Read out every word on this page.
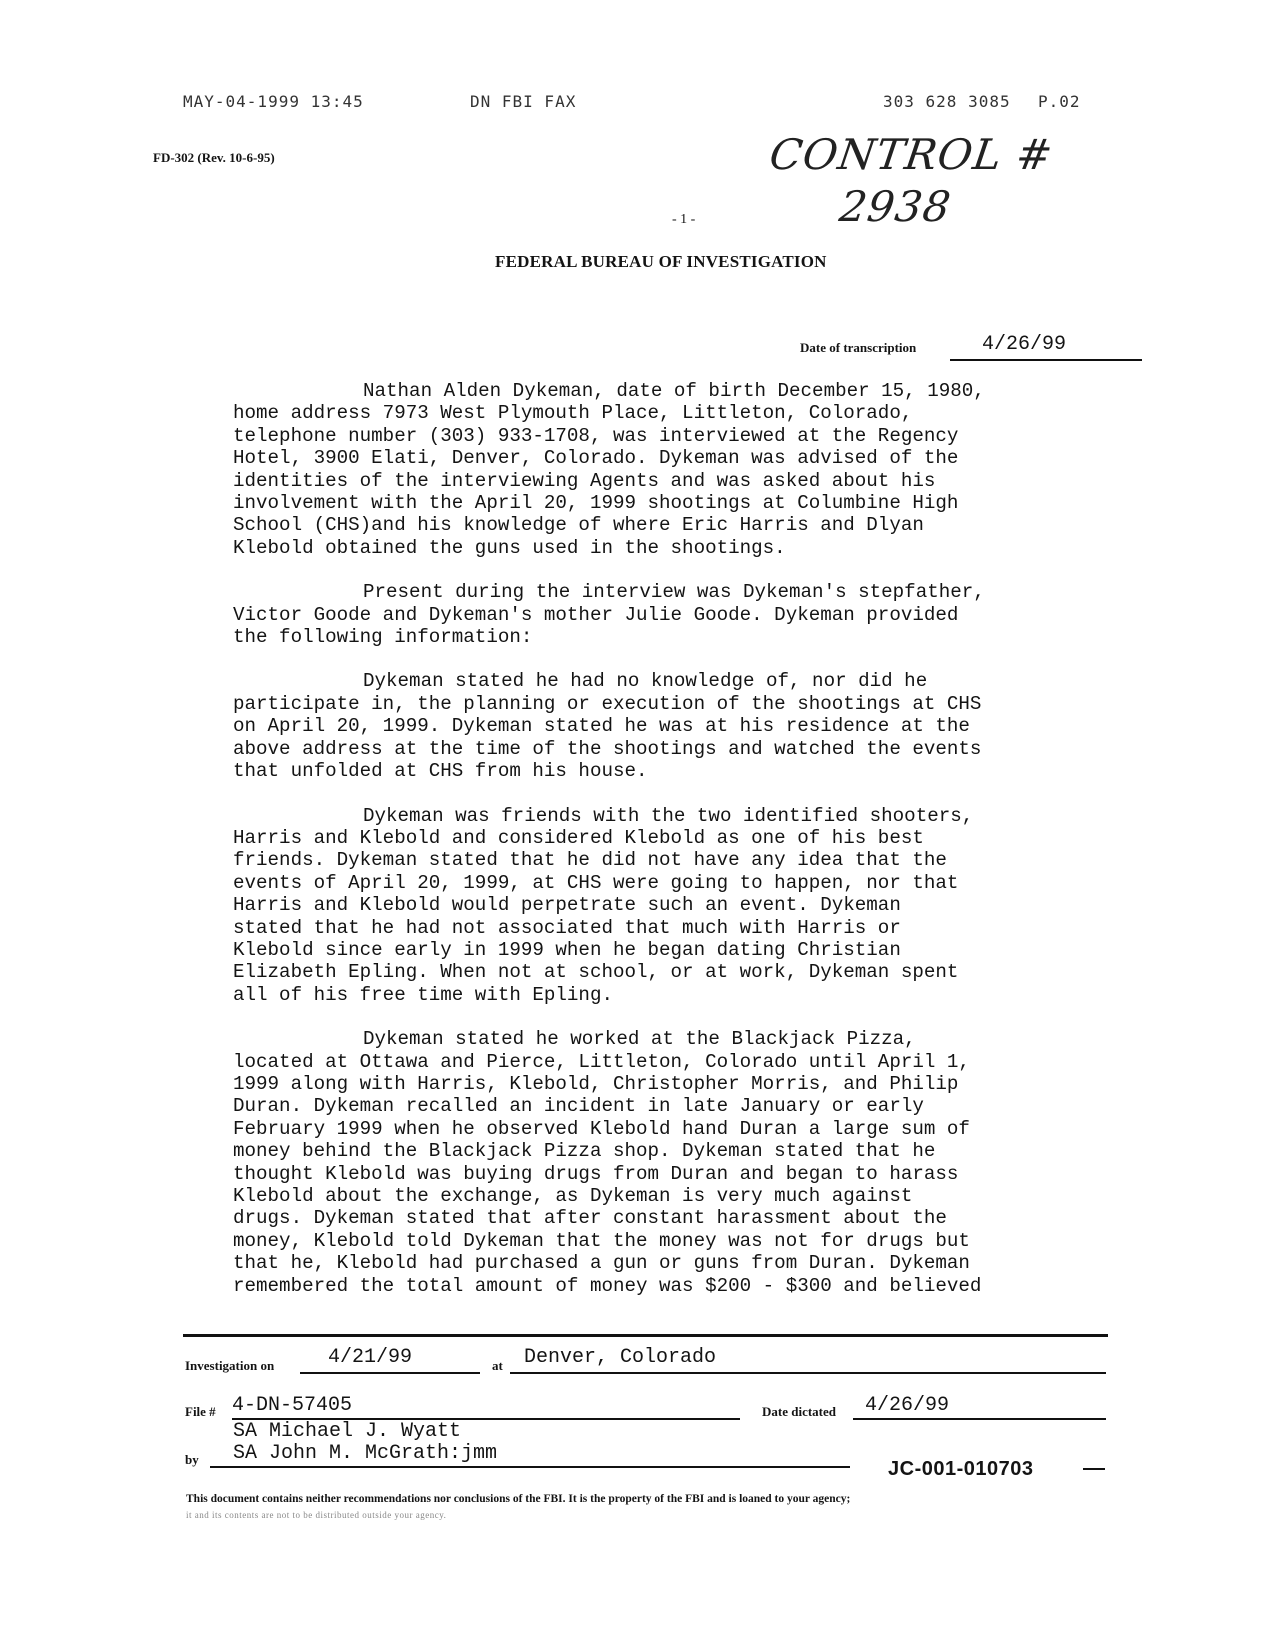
MAY-04-1999 13:45	DN FBI FAX	303 628 3085 P.02
FD-302 (Rev. 10-6-95)	CONTROL #
2938
- 1 -
FEDERAL BUREAU OF INVESTIGATION
Date of transcription	4/26/99

Nathan Alden Dykeman, date of birth December 15, 1980,
home address 7973 West Plymouth Place, Littleton, Colorado,
telephone number (303) 933-1708, was interviewed at the Regency
Hotel, 3900 Elati, Denver, Colorado. Dykeman was advised of the
identities of the interviewing Agents and was asked about his
involvement with the April 20, 1999 shootings at Columbine High
School (CHS)and his knowledge of where Eric Harris and Dlyan
Klebold obtained the guns used in the shootings.

Present during the interview was Dykeman's stepfather,
Victor Goode and Dykeman's mother Julie Goode. Dykeman provided
the following information:

Dykeman stated he had no knowledge of, nor did he
participate in, the planning or execution of the shootings at CHS
on April 20, 1999. Dykeman stated he was at his residence at the
above address at the time of the shootings and watched the events
that unfolded at CHS from his house.

Dykeman was friends with the two identified shooters,
Harris and Klebold and considered Klebold as one of his best
friends. Dykeman stated that he did not have any idea that the
events of April 20, 1999, at CHS were going to happen, nor that
Harris and Klebold would perpetrate such an event. Dykeman
stated that he had not associated that much with Harris or
Klebold since early in 1999 when he began dating Christian
Elizabeth Epling. When not at school, or at work, Dykeman spent
all of his free time with Epling.

Dykeman stated he worked at the Blackjack Pizza,
located at Ottawa and Pierce, Littleton, Colorado until April 1,
1999 along with Harris, Klebold, Christopher Morris, and Philip
Duran. Dykeman recalled an incident in late January or early
February 1999 when he observed Klebold hand Duran a large sum of
money behind the Blackjack Pizza shop. Dykeman stated that he
thought Klebold was buying drugs from Duran and began to harass
Klebold about the exchange, as Dykeman is very much against
drugs. Dykeman stated that after constant harassment about the
money, Klebold told Dykeman that the money was not for drugs but
that he, Klebold had purchased a gun or guns from Duran. Dykeman
remembered the total amount of money was $200 - $300 and believed

Investigation on	4/21/99	at Denver, Colorado
File # 4-DN-57405	Date dictated 4/26/99
SA Michael J. Wyatt
by SA John M. McGrath:jmm
JC-001-010703
This document contains neither recommendations nor conclusions of the FBI. It is the property of the FBI and is loaned to your agency;
it and its contents are not to be distributed outside your agency.
